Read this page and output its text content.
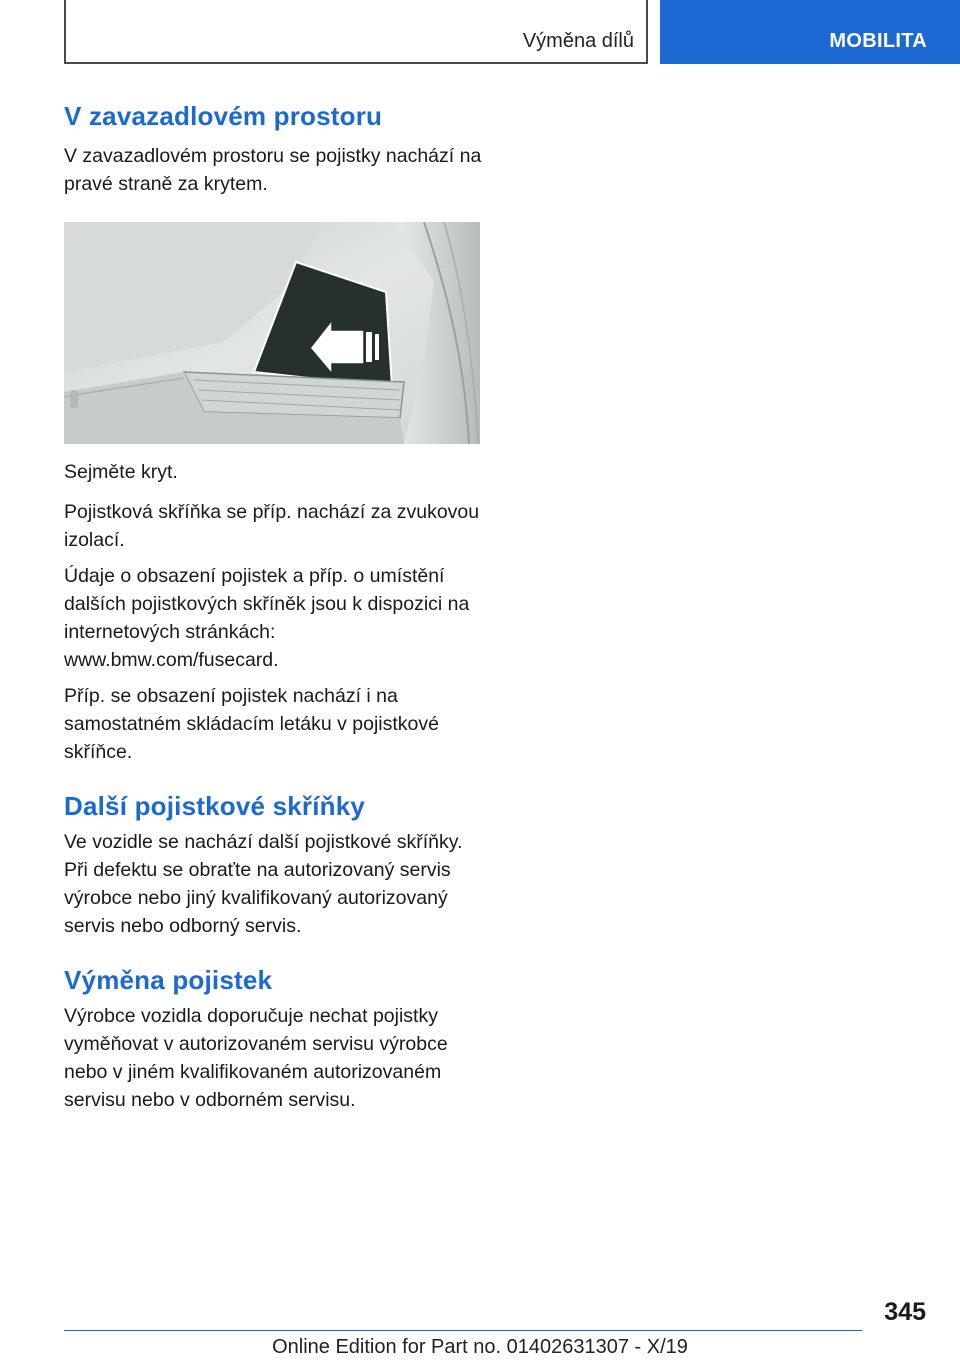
Výměna dílů	MOBILITA
V zavazadlovém prostoru

V zavazadlovém prostoru se pojistky nachází na pravé straně za krytem.

Sejměte kryt.

Pojistková skříňka se příp. nachází za zvukovou izolací.

Údaje o obsazení pojistek a příp. o umístění dalších pojistkových skříněk jsou k dispozici na internetových stránkách: www.bmw.com/fusecard.

Příp. se obsazení pojistek nachází i na samostatném skládacím letáku v pojistkové skříňce.

Další pojistkové skříňky

Ve vozidle se nachází další pojistkové skříňky. Při defektu se obraťte na autorizovaný servis výrobce nebo jiný kvalifikovaný autorizovaný servis nebo odborný servis.

Výměna pojistek

Výrobce vozidla doporučuje nechat pojistky vyměňovat v autorizovaném servisu výrobce nebo v jiném kvalifikovaném autorizovaném servisu nebo v odborném servisu.

345
Online Edition for Part no. 01402631307 - X/19
